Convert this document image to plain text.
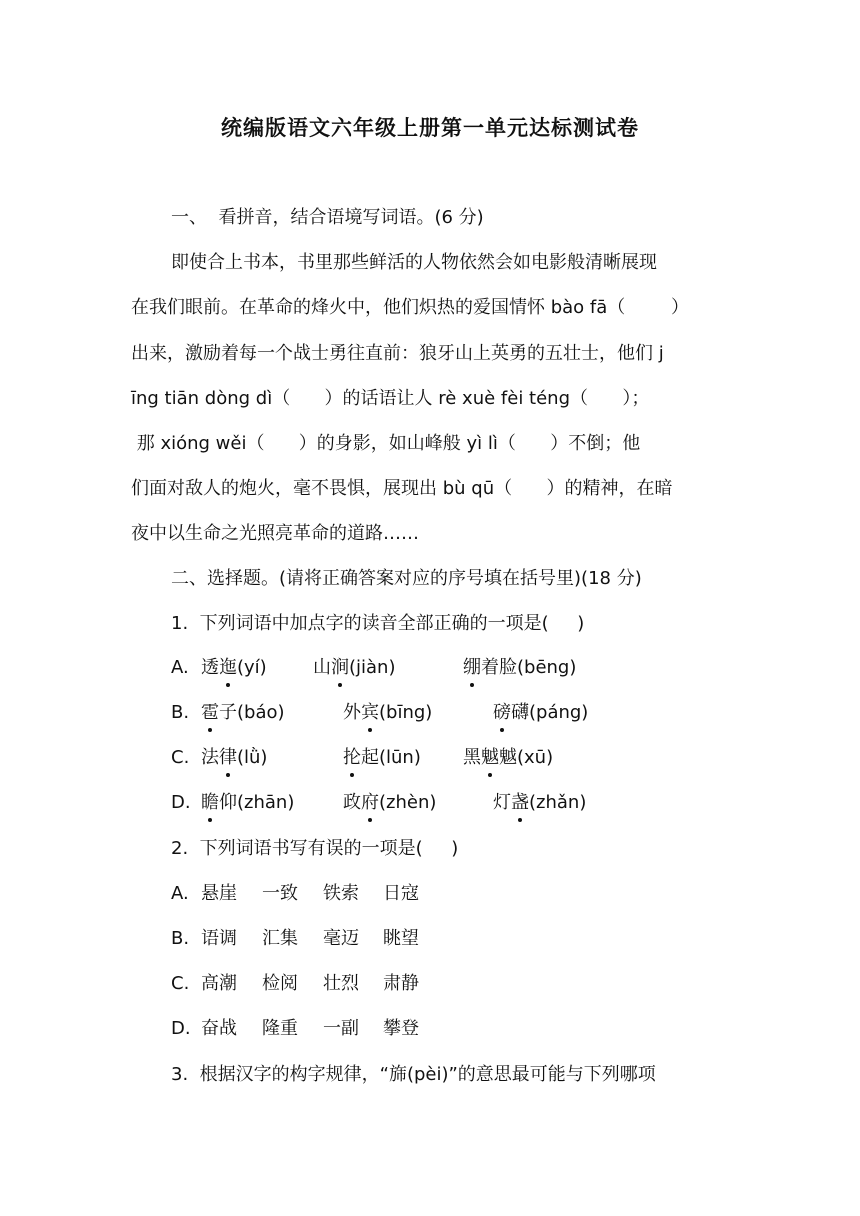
统编版语文六年级上册第一单元达标测试卷
一、  看拼音，结合语境写词语。(6 分)
即使合上书本，书里那些鲜活的人物依然会如电影般清晰展现
在我们眼前。在革命的烽火中，他们炽热的爱国情怀 bào fā（        ）
出来，激励着每一个战士勇往直前：狼牙山上英勇的五壮士，他们 j
īng tiān dòng dì（      ）的话语让人 rè xuè fèi téng（      ）；
那 xióng wěi（      ）的身影，如山峰般 yì lì（      ）不倒；他
们面对敌人的炮火，毫不畏惧，展现出 bù qū（      ）的精神，在暗
夜中以生命之光照亮革命的道路……
二、选择题。(请将正确答案对应的序号填在括号里)(18 分)
1.  下列词语中加点字的读音全部正确的一项是(     )
A. 透迤(yí)	山涧(jiàn)	绷着脸(bēng)
B. 雹子(báo)	外宾(bīng)	磅礴(páng)
C. 法律(lǜ)	抡起(lūn) 黑魆魆(xū)
D. 瞻仰(zhān)	政府(zhèn)	灯盏(zhǎn)
2.  下列词语书写有误的一项是(     )
A. 悬崖 一致 铁索 日寇
B. 语调 汇集 毫迈 眺望
C. 高潮 检阅 壮烈 肃静
D. 奋战 隆重 一副 攀登
3.  根据汉字的构字规律，“旆(pèi)”的意思最可能与下列哪项
